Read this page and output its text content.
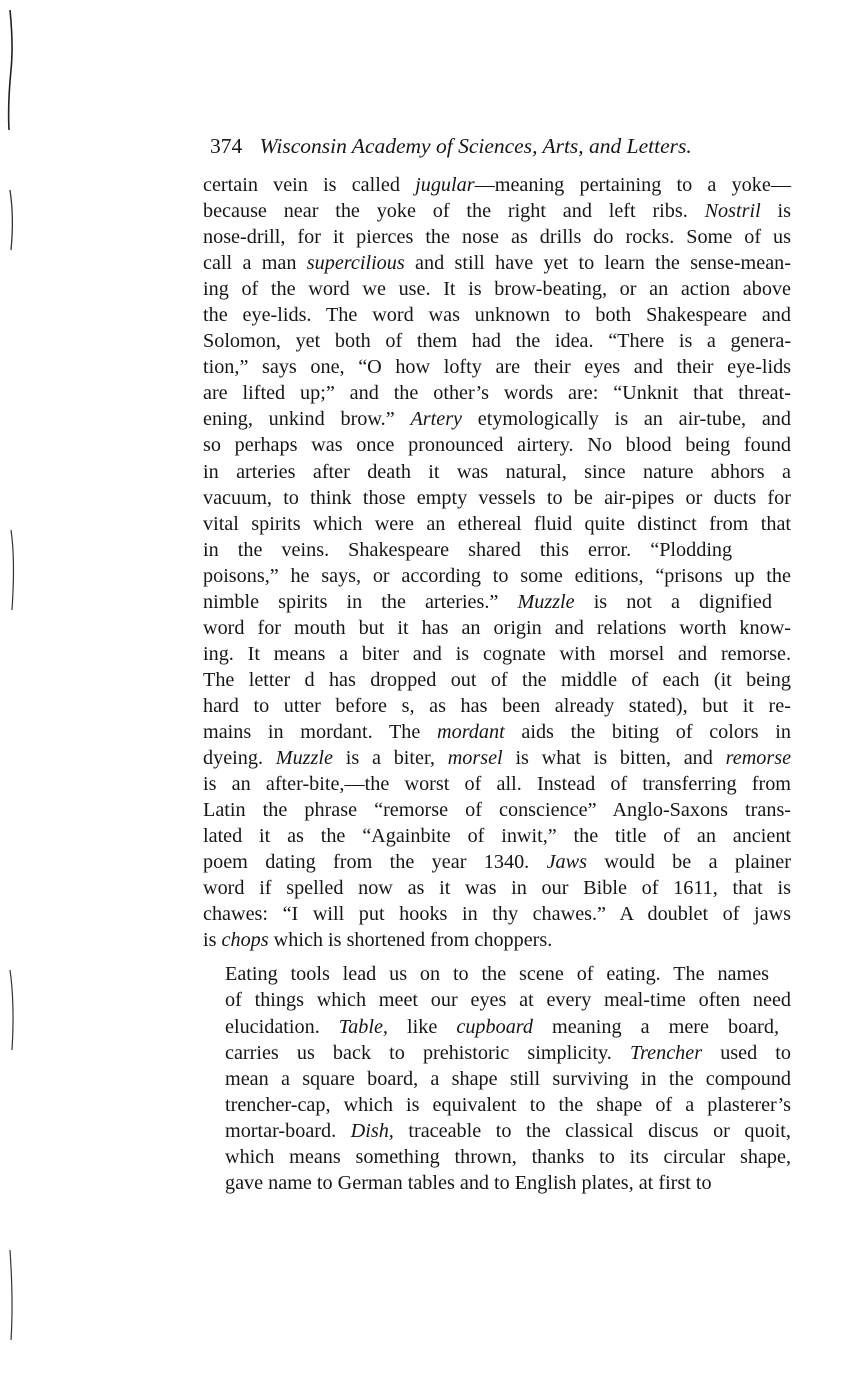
374 Wisconsin Academy of Sciences, Arts, and Letters.

certain vein is called jugular—meaning pertaining to a yoke—
because near the yoke of the right and left ribs. Nostril is
nose-drill, for it pierces the nose as drills do rocks. Some of us
call a man supercilious and still have yet to learn the sense-mean-
ing of the word we use. It is brow-beating, or an action above
the eye-lids. The word was unknown to both Shakespeare and
Solomon, yet both of them had the idea. “There is a genera-
tion,” says one, “O how lofty are their eyes and their eye-lids
are lifted up;” and the other’s words are: “Unknit that threat-
ening, unkind brow.” Artery etymologically is an air-tube, and
so perhaps was once pronounced airtery. No blood being found
in arteries after death it was natural, since nature abhors a
vacuum, to think those empty vessels to be air-pipes or ducts for
vital spirits which were an ethereal fluid quite distinct from that
in the veins. Shakespeare shared this error. “Plodding
poisons,” he says, or according to some editions, “prisons up the
nimble spirits in the arteries.” Muzzle is not a dignified
word for mouth but it has an origin and relations worth know-
ing. It means a biter and is cognate with morsel and remorse.
The letter d has dropped out of the middle of each (it being
hard to utter before s, as has been already stated), but it re-
mains in mordant. The mordant aids the biting of colors in
dyeing. Muzzle is a biter, morsel is what is bitten, and remorse
is an after-bite,—the worst of all. Instead of transferring from
Latin the phrase “remorse of conscience” Anglo-Saxons trans-
lated it as the “Againbite of inwit,” the title of an ancient
poem dating from the year 1340. Jaws would be a plainer
word if spelled now as it was in our Bible of 1611, that is
chawes: “I will put hooks in thy chawes.” A doublet of jaws
is chops which is shortened from choppers.

Eating tools lead us on to the scene of eating. The names
of things which meet our eyes at every meal-time often need
elucidation. Table, like cupboard meaning a mere board,
carries us back to prehistoric simplicity. Trencher used to
mean a square board, a shape still surviving in the compound
trencher-cap, which is equivalent to the shape of a plasterer’s
mortar-board. Dish, traceable to the classical discus or quoit,
which means something thrown, thanks to its circular shape,
gave name to German tables and to English plates, at first to
